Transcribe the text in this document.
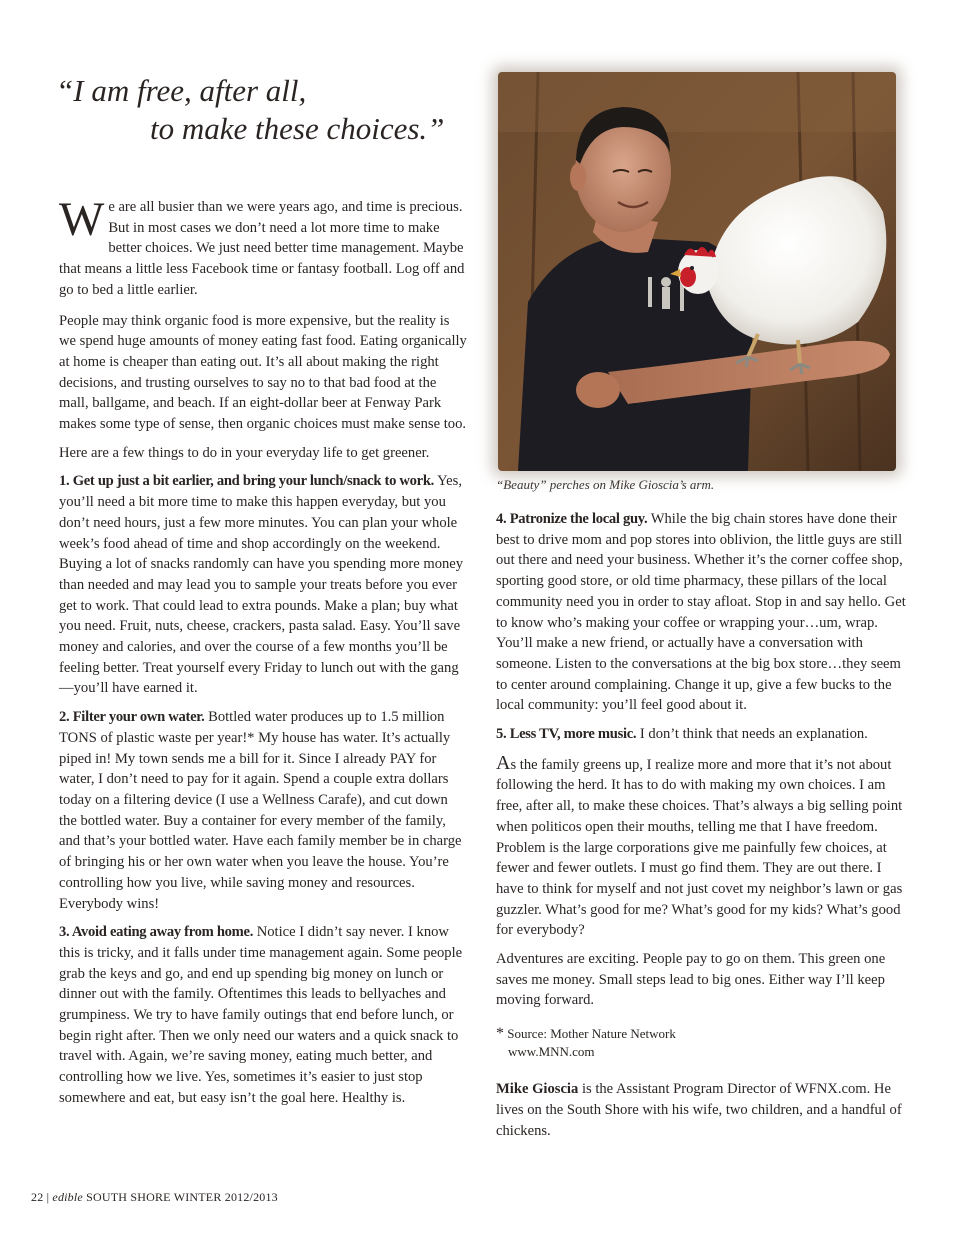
“I am free, after all,
to make these choices.”

We are all busier than we were years ago, and time is precious. But in most cases we don’t need a lot more time to make better choices. We just need better time management. Maybe that means a little less Facebook time or fantasy football. Log off and go to bed a little earlier.

People may think organic food is more expensive, but the reality is we spend huge amounts of money eating fast food. Eating organically at home is cheaper than eating out. It’s all about making the right decisions, and trusting ourselves to say no to that bad food at the mall, ballgame, and beach. If an eight-dollar beer at Fenway Park makes some type of sense, then organic choices must make sense too.

Here are a few things to do in your everyday life to get greener.

1. Get up just a bit earlier, and bring your lunch/snack to work. Yes, you’ll need a bit more time to make this happen everyday, but you don’t need hours, just a few more minutes. You can plan your whole week’s food ahead of time and shop accordingly on the weekend. Buying a lot of snacks randomly can have you spending more money than needed and may lead you to sample your treats before you ever get to work. That could lead to extra pounds. Make a plan; buy what you need. Fruit, nuts, cheese, crackers, pasta salad. Easy. You’ll save money and calories, and over the course of a few months you’ll be feeling better. Treat yourself every Friday to lunch out with the gang—you’ll have earned it.

2. Filter your own water. Bottled water produces up to 1.5 million TONS of plastic waste per year!* My house has water. It’s actually piped in! My town sends me a bill for it. Since I already PAY for water, I don’t need to pay for it again. Spend a couple extra dollars today on a filtering device (I use a Wellness Carafe), and cut down the bottled water. Buy a container for every member of the family, and that’s your bottled water. Have each family member be in charge of bringing his or her own water when you leave the house. You’re controlling how you live, while saving money and resources. Everybody wins!

3. Avoid eating away from home. Notice I didn’t say never. I know this is tricky, and it falls under time management again. Some people grab the keys and go, and end up spending big money on lunch or dinner out with the family. Oftentimes this leads to bellyaches and grumpiness. We try to have family outings that end before lunch, or begin right after. Then we only need our waters and a quick snack to travel with. Again, we’re saving money, eating much better, and controlling how we live. Yes, sometimes it’s easier to just stop somewhere and eat, but easy isn’t the goal here. Healthy is.

“Beauty” perches on Mike Gioscia’s arm.

4. Patronize the local guy. While the big chain stores have done their best to drive mom and pop stores into oblivion, the little guys are still out there and need your business. Whether it’s the corner coffee shop, sporting good store, or old time pharmacy, these pillars of the local community need you in order to stay afloat. Stop in and say hello. Get to know who’s making your coffee or wrapping your…um, wrap. You’ll make a new friend, or actually have a conversation with someone. Listen to the conversations at the big box store…they seem to center around complaining. Change it up, give a few bucks to the local community: you’ll feel good about it.

5. Less TV, more music. I don’t think that needs an explanation.

As the family greens up, I realize more and more that it’s not about following the herd. It has to do with making my own choices. I am free, after all, to make these choices. That’s always a big selling point when politicos open their mouths, telling me that I have freedom. Problem is the large corporations give me painfully few choices, at fewer and fewer outlets. I must go find them. They are out there. I have to think for myself and not just covet my neighbor’s lawn or gas guzzler. What’s good for me? What’s good for my kids? What’s good for everybody?

Adventures are exciting. People pay to go on them. This green one saves me money. Small steps lead to big ones. Either way I’ll keep moving forward.

* Source: Mother Nature Network
www.MNN.com

Mike Gioscia is the Assistant Program Director of WFNX.com. He lives on the South Shore with his wife, two children, and a handful of chickens.

22 | edible SOUTH SHORE WINTER 2012/2013
